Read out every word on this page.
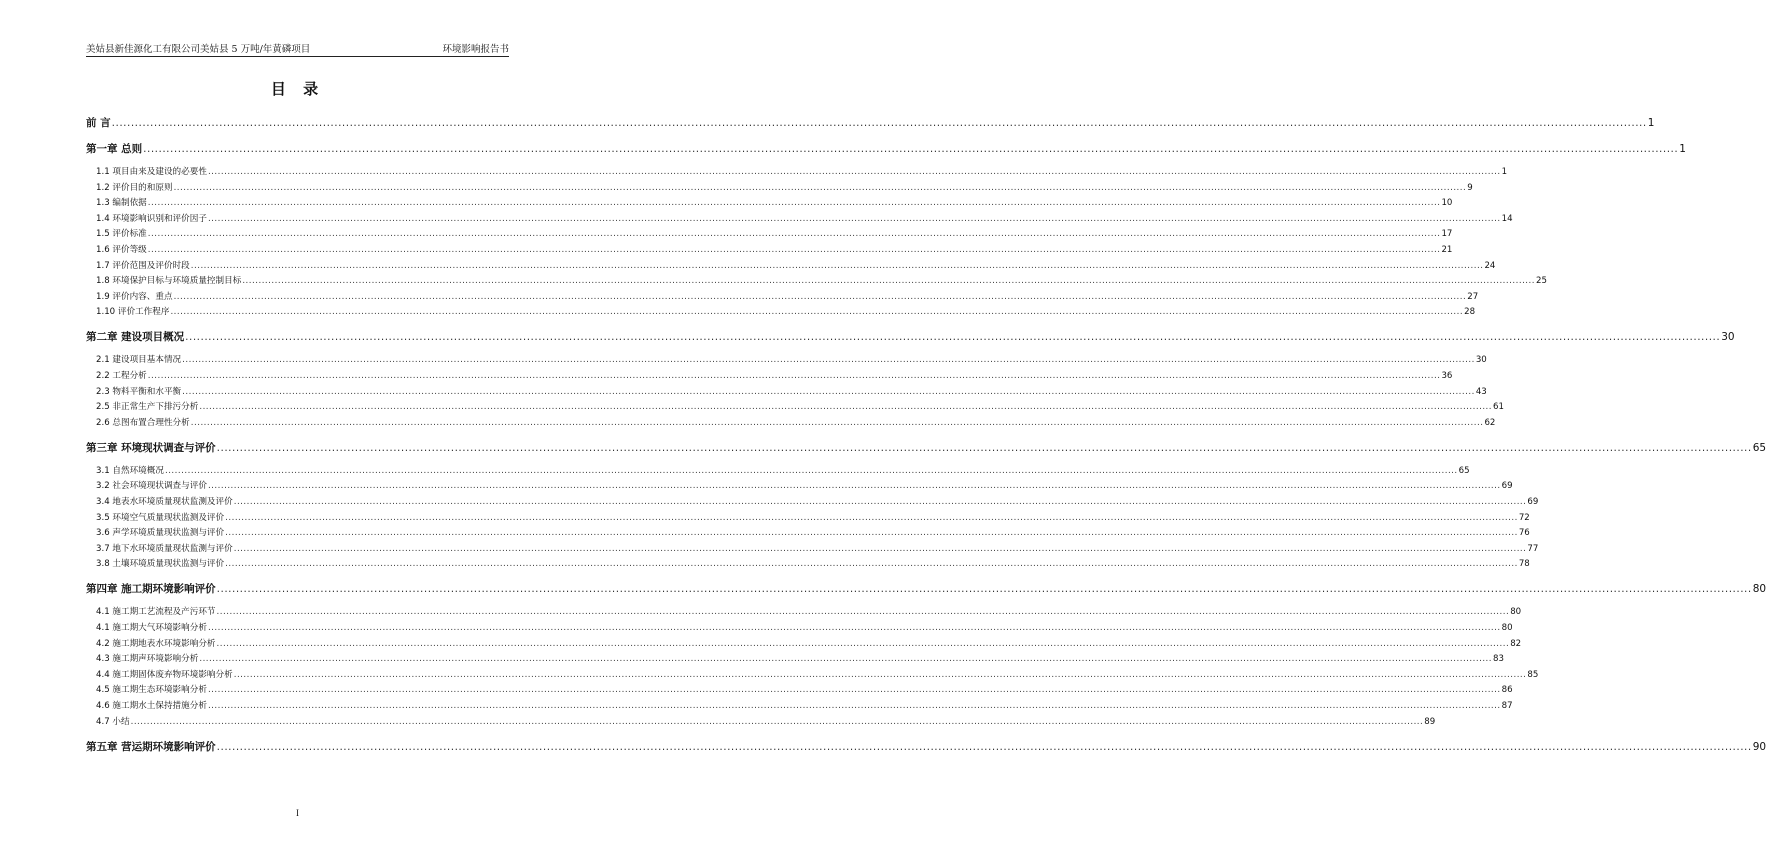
美姑县新佳源化工有限公司美姑县 5 万吨/年黄磷项目	环境影响报告书
目 录
前 言 ................................................................................................................................................................................................................................................................................................................................................................................................................ 1
第一章 总则 ................................................................................................................................................................................................................................................................................................................................................................................................................ 1
1.1 项目由来及建设的必要性 ................................................................................................................................................................................................................................................................................................................................................................................................................ 1
1.2 评价目的和原则 ................................................................................................................................................................................................................................................................................................................................................................................................................ 9
1.3 编制依据 ................................................................................................................................................................................................................................................................................................................................................................................................................ 10
1.4 环境影响识别和评价因子 ................................................................................................................................................................................................................................................................................................................................................................................................................ 14
1.5 评价标准 ................................................................................................................................................................................................................................................................................................................................................................................................................ 17
1.6 评价等级 ................................................................................................................................................................................................................................................................................................................................................................................................................ 21
1.7 评价范围及评价时段 ................................................................................................................................................................................................................................................................................................................................................................................................................ 24
1.8 环境保护目标与环境质量控制目标 ................................................................................................................................................................................................................................................................................................................................................................................................................ 25
1.9 评价内容、重点 ................................................................................................................................................................................................................................................................................................................................................................................................................ 27
1.10 评价工作程序 ................................................................................................................................................................................................................................................................................................................................................................................................................ 28
第二章 建设项目概况 ................................................................................................................................................................................................................................................................................................................................................................................................................ 30
2.1 建设项目基本情况 ................................................................................................................................................................................................................................................................................................................................................................................................................ 30
2.2 工程分析 ................................................................................................................................................................................................................................................................................................................................................................................................................ 36
2.3 物料平衡和水平衡 ................................................................................................................................................................................................................................................................................................................................................................................................................ 43
2.5 非正常生产下排污分析 ................................................................................................................................................................................................................................................................................................................................................................................................................ 61
2.6 总图布置合理性分析 ................................................................................................................................................................................................................................................................................................................................................................................................................ 62
第三章 环境现状调查与评价 ................................................................................................................................................................................................................................................................................................................................................................................................................ 65
3.1 自然环境概况 ................................................................................................................................................................................................................................................................................................................................................................................................................ 65
3.2 社会环境现状调查与评价 ................................................................................................................................................................................................................................................................................................................................................................................................................ 69
3.4 地表水环境质量现状监测及评价 ................................................................................................................................................................................................................................................................................................................................................................................................................ 69
3.5 环境空气质量现状监测及评价 ................................................................................................................................................................................................................................................................................................................................................................................................................ 72
3.6 声学环境质量现状监测与评价 ................................................................................................................................................................................................................................................................................................................................................................................................................ 76
3.7 地下水环境质量现状监测与评价 ................................................................................................................................................................................................................................................................................................................................................................................................................ 77
3.8 土壤环境质量现状监测与评价 ................................................................................................................................................................................................................................................................................................................................................................................................................ 78
第四章 施工期环境影响评价 ................................................................................................................................................................................................................................................................................................................................................................................................................ 80
4.1 施工期工艺流程及产污环节 ................................................................................................................................................................................................................................................................................................................................................................................................................ 80
4.1 施工期大气环境影响分析 ................................................................................................................................................................................................................................................................................................................................................................................................................ 80
4.2 施工期地表水环境影响分析 ................................................................................................................................................................................................................................................................................................................................................................................................................ 82
4.3 施工期声环境影响分析 ................................................................................................................................................................................................................................................................................................................................................................................................................ 83
4.4 施工期固体废弃物环境影响分析 ................................................................................................................................................................................................................................................................................................................................................................................................................ 85
4.5 施工期生态环境影响分析 ................................................................................................................................................................................................................................................................................................................................................................................................................ 86
4.6 施工期水土保持措施分析 ................................................................................................................................................................................................................................................................................................................................................................................................................ 87
4.7 小结 ................................................................................................................................................................................................................................................................................................................................................................................................................ 89
第五章 营运期环境影响评价 ................................................................................................................................................................................................................................................................................................................................................................................................................ 90
I
